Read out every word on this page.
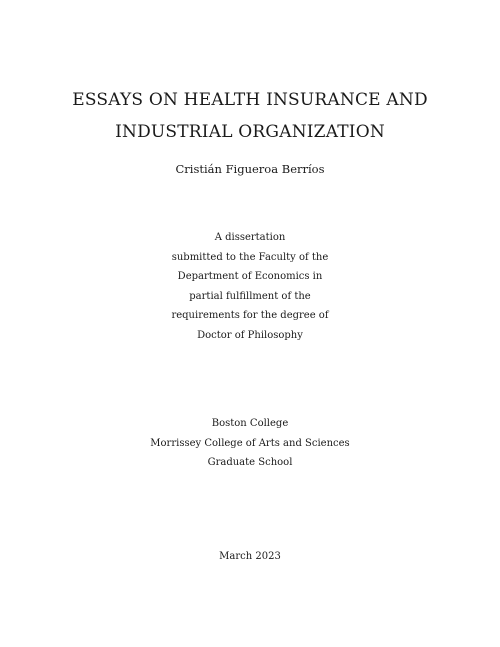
ESSAYS ON HEALTH INSURANCE AND
INDUSTRIAL ORGANIZATION
Cristián Figueroa Berríos
A dissertation
submitted to the Faculty of the
Department of Economics in
partial fulfillment of the
requirements for the degree of
Doctor of Philosophy
Boston College
Morrissey College of Arts and Sciences
Graduate School
March 2023
